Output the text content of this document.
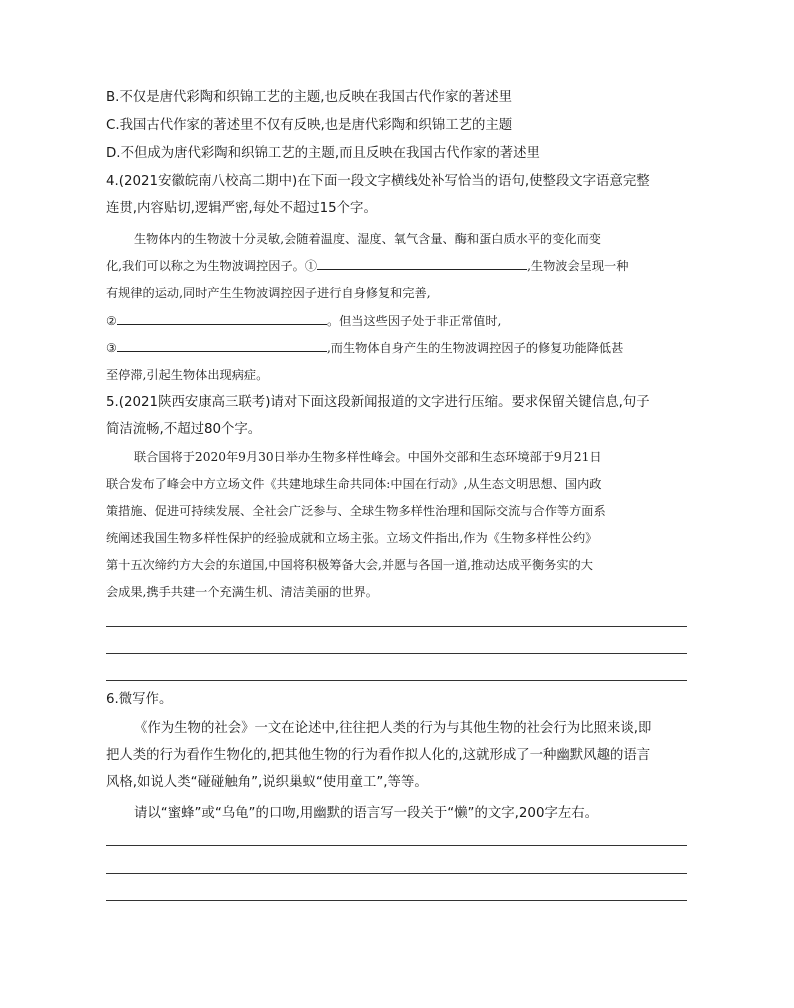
B.不仅是唐代彩陶和织锦工艺的主题,也反映在我国古代作家的著述里
C.我国古代作家的著述里不仅有反映,也是唐代彩陶和织锦工艺的主题
D.不但成为唐代彩陶和织锦工艺的主题,而且反映在我国古代作家的著述里
4.(2021安徽皖南八校高二期中)在下面一段文字横线处补写恰当的语句,使整段文字语意完整
连贯,内容贴切,逻辑严密,每处不超过15个字。
生物体内的生物波十分灵敏,会随着温度、湿度、氧气含量、酶和蛋白质水平的变化而变
化,我们可以称之为生物波调控因子。①	,生物波会呈现一种
有规律的运动,同时产生生物波调控因子进行自身修复和完善,
②	。但当这些因子处于非正常值时,
③	,而生物体自身产生的生物波调控因子的修复功能降低甚
至停滞,引起生物体出现病症。
5.(2021陕西安康高三联考)请对下面这段新闻报道的文字进行压缩。要求保留关键信息,句子
简洁流畅,不超过80个字。
联合国将于2020年9月30日举办生物多样性峰会。中国外交部和生态环境部于9月21日
联合发布了峰会中方立场文件《共建地球生命共同体:中国在行动》,从生态文明思想、国内政
策措施、促进可持续发展、全社会广泛参与、全球生物多样性治理和国际交流与合作等方面系
统阐述我国生物多样性保护的经验成就和立场主张。立场文件指出,作为《生物多样性公约》
第十五次缔约方大会的东道国,中国将积极筹备大会,并愿与各国一道,推动达成平衡务实的大
会成果,携手共建一个充满生机、清洁美丽的世界。
6.微写作。
《作为生物的社会》一文在论述中,往往把人类的行为与其他生物的社会行为比照来谈,即
把人类的行为看作生物化的,把其他生物的行为看作拟人化的,这就形成了一种幽默风趣的语言
风格,如说人类“碰碰触角”,说织巢蚁“使用童工”,等等。
请以“蜜蜂”或“乌龟”的口吻,用幽默的语言写一段关于“懒”的文字,200字左右。
